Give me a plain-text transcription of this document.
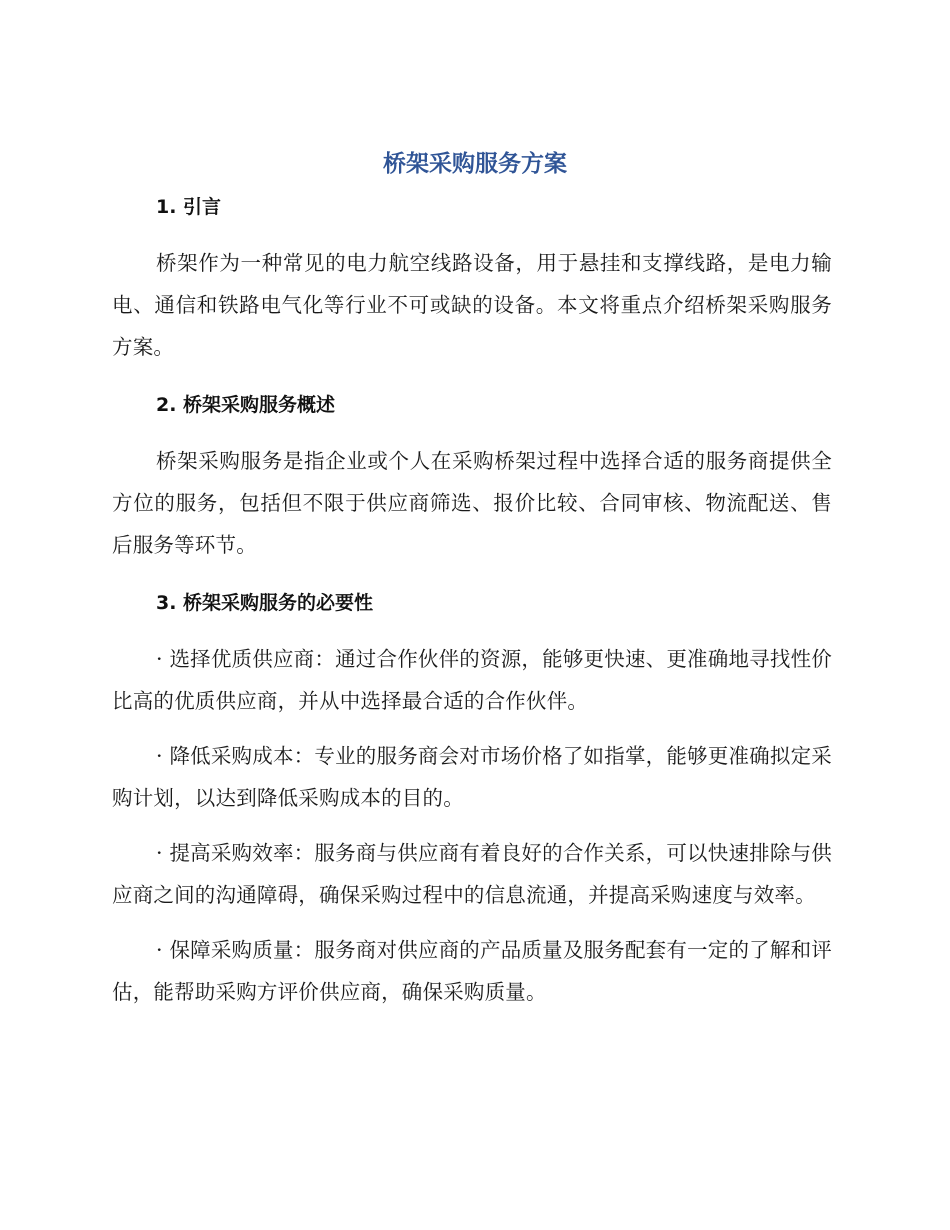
桥架采购服务方案
1. 引言

桥架作为一种常见的电力航空线路设备，用于悬挂和支撑线路，是电力输电、通信和铁路电气化等行业不可或缺的设备。本文将重点介绍桥架采购服务方案。

2. 桥架采购服务概述

桥架采购服务是指企业或个人在采购桥架过程中选择合适的服务商提供全方位的服务，包括但不限于供应商筛选、报价比较、合同审核、物流配送、售后服务等环节。

3. 桥架采购服务的必要性

· 选择优质供应商：通过合作伙伴的资源，能够更快速、更准确地寻找性价比高的优质供应商，并从中选择最合适的合作伙伴。

· 降低采购成本：专业的服务商会对市场价格了如指掌，能够更准确拟定采购计划，以达到降低采购成本的目的。

· 提高采购效率：服务商与供应商有着良好的合作关系，可以快速排除与供应商之间的沟通障碍，确保采购过程中的信息流通，并提高采购速度与效率。

· 保障采购质量：服务商对供应商的产品质量及服务配套有一定的了解和评估，能帮助采购方评价供应商，确保采购质量。
